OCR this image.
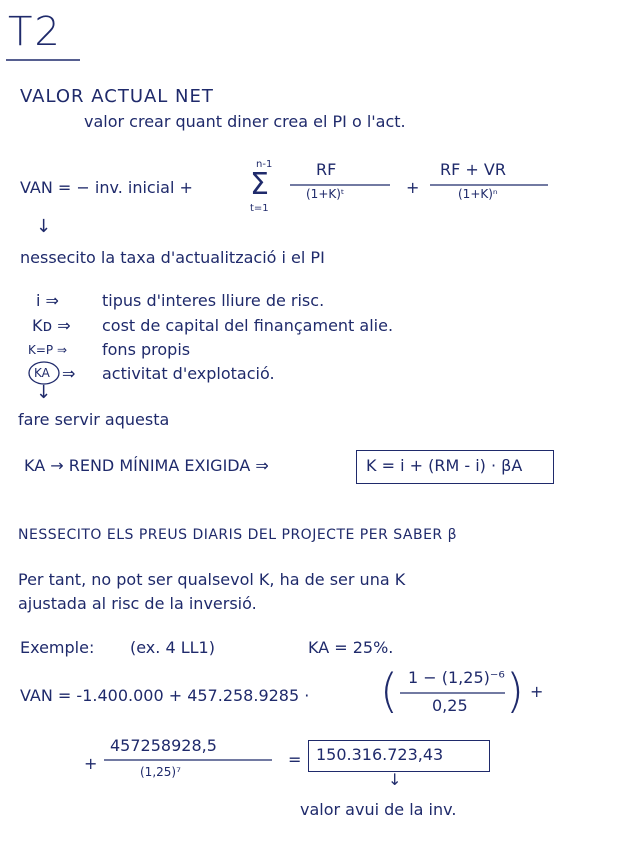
T2
VALOR ACTUAL NET
valor crear quant diner crea el PI o l'act.
VAN = − inv. inicial +
n-1
Σ
t=1
RF
(1+K)ᵗ	+
RF + VR
(1+K)ⁿ
↓
nessecito la taxa d'actualització i el PI
i ⇒	tipus d'interes lliure de risc.
Kᴅ ⇒ cost de capital del finançament alie.
K=P ⇒ fons propis
KA ⇒ activitat d'explotació.
↓
fare servir aquesta
KA → REND MÍNIMA EXIGIDA ⇒	K = i + (RM - i) · βA
NESSECITO ELS PREUS DIARIS DEL PROJECTE PER SABER β
Per tant, no pot ser qualsevol K, ha de ser una K
ajustada al risc de la inversió.
Exemple: (ex. 4 LL1)	KA = 25%.
VAN = -1.400.000 + 457.258.9285 · ( 1 − (1,25)⁻⁶
0,25 ) +
+
457258928,5
(1,25)⁷
= 150.316.723,43
↓
valor avui de la inv.
